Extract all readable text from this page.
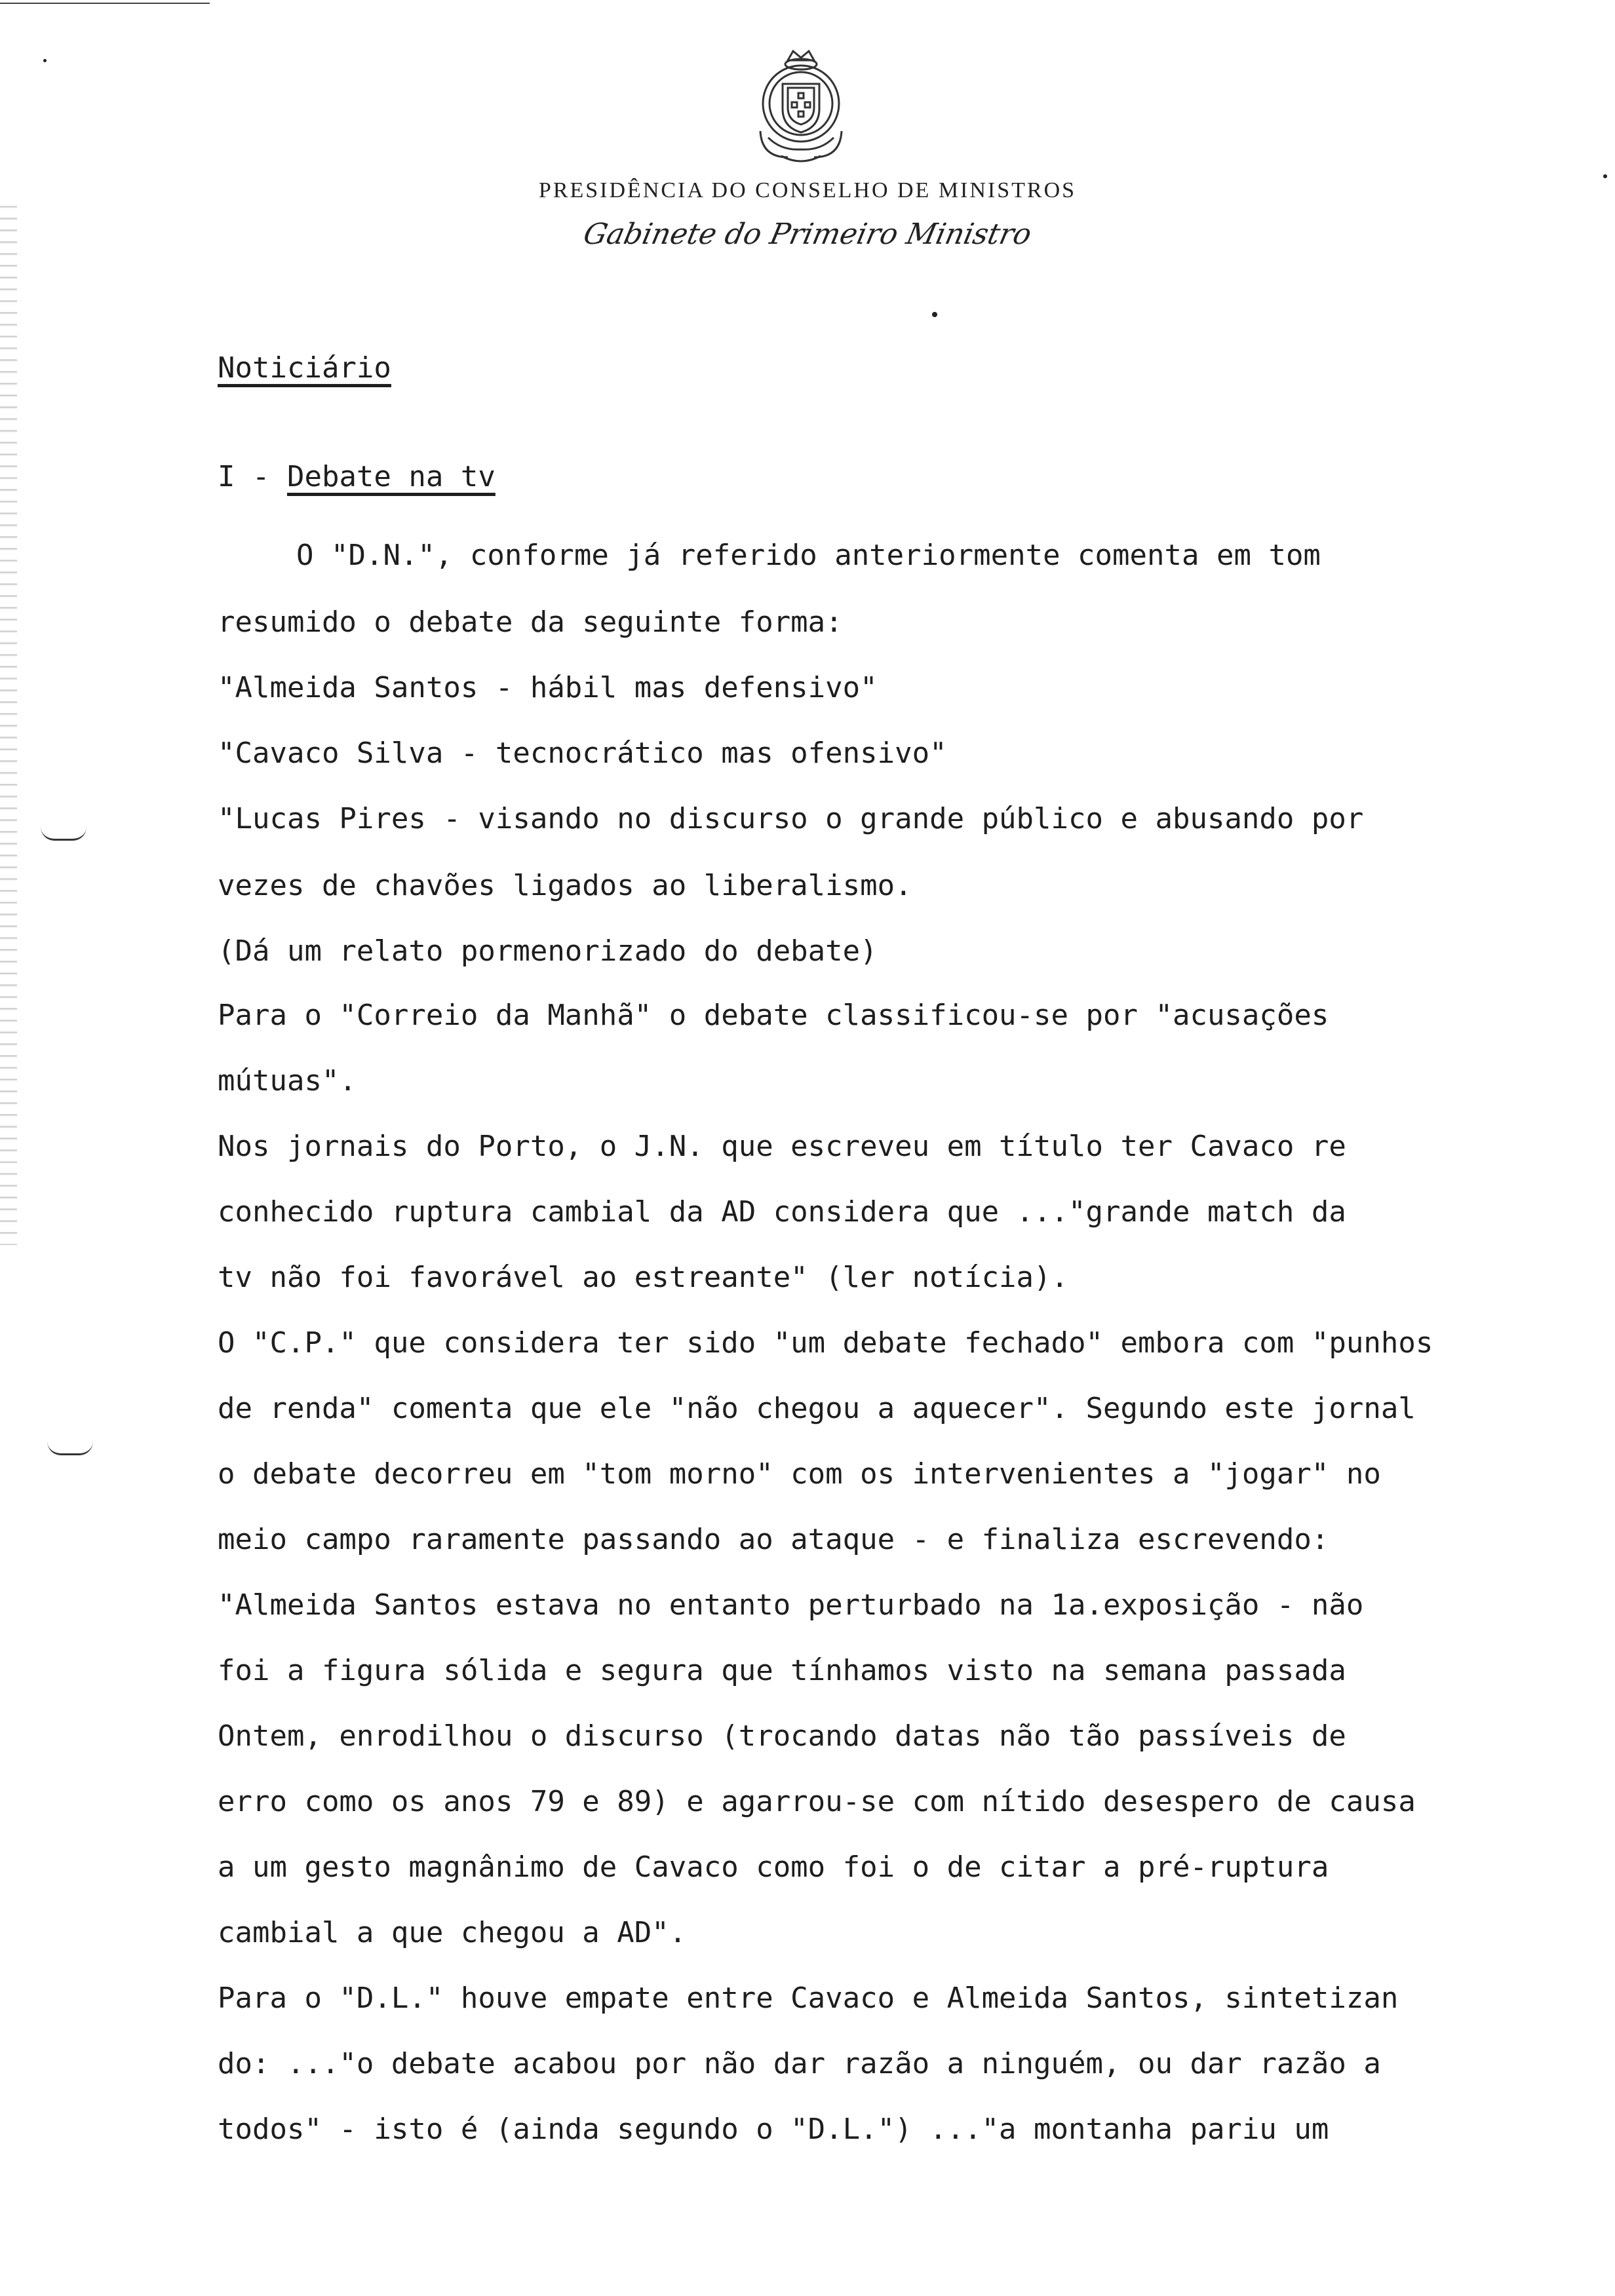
PRESIDÊNCIA DO CONSELHO DE MINISTROS
Gabinete do Primeiro Ministro
Noticiário
I - Debate na tv
O "D.N.", conforme já referido anteriormente comenta em tom
resumido o debate da seguinte forma:
"Almeida Santos - hábil mas defensivo"
"Cavaco Silva - tecnocrático mas ofensivo"
"Lucas Pires - visando no discurso o grande público e abusando por
vezes de chavões ligados ao liberalismo.
(Dá um relato pormenorizado do debate)
Para o "Correio da Manhã" o debate classificou-se por "acusações
mútuas".
Nos jornais do Porto, o J.N. que escreveu em título ter Cavaco re
conhecido ruptura cambial da AD considera que ..."grande match da
tv não foi favorável ao estreante" (ler notícia).
O "C.P." que considera ter sido "um debate fechado" embora com "punhos
de renda" comenta que ele "não chegou a aquecer". Segundo este jornal
o debate decorreu em "tom morno" com os intervenientes a "jogar" no
meio campo raramente passando ao ataque - e finaliza escrevendo:
"Almeida Santos estava no entanto perturbado na 1a.exposição - não
foi a figura sólida e segura que tínhamos visto na semana passada
Ontem, enrodilhou o discurso (trocando datas não tão passíveis de
erro como os anos 79 e 89) e agarrou-se com nítido desespero de causa
a um gesto magnânimo de Cavaco como foi o de citar a pré-ruptura
cambial a que chegou a AD".
Para o "D.L." houve empate entre Cavaco e Almeida Santos, sintetizan
do: ..."o debate acabou por não dar razão a ninguém, ou dar razão a
todos" - isto é (ainda segundo o "D.L.") ..."a montanha pariu um
